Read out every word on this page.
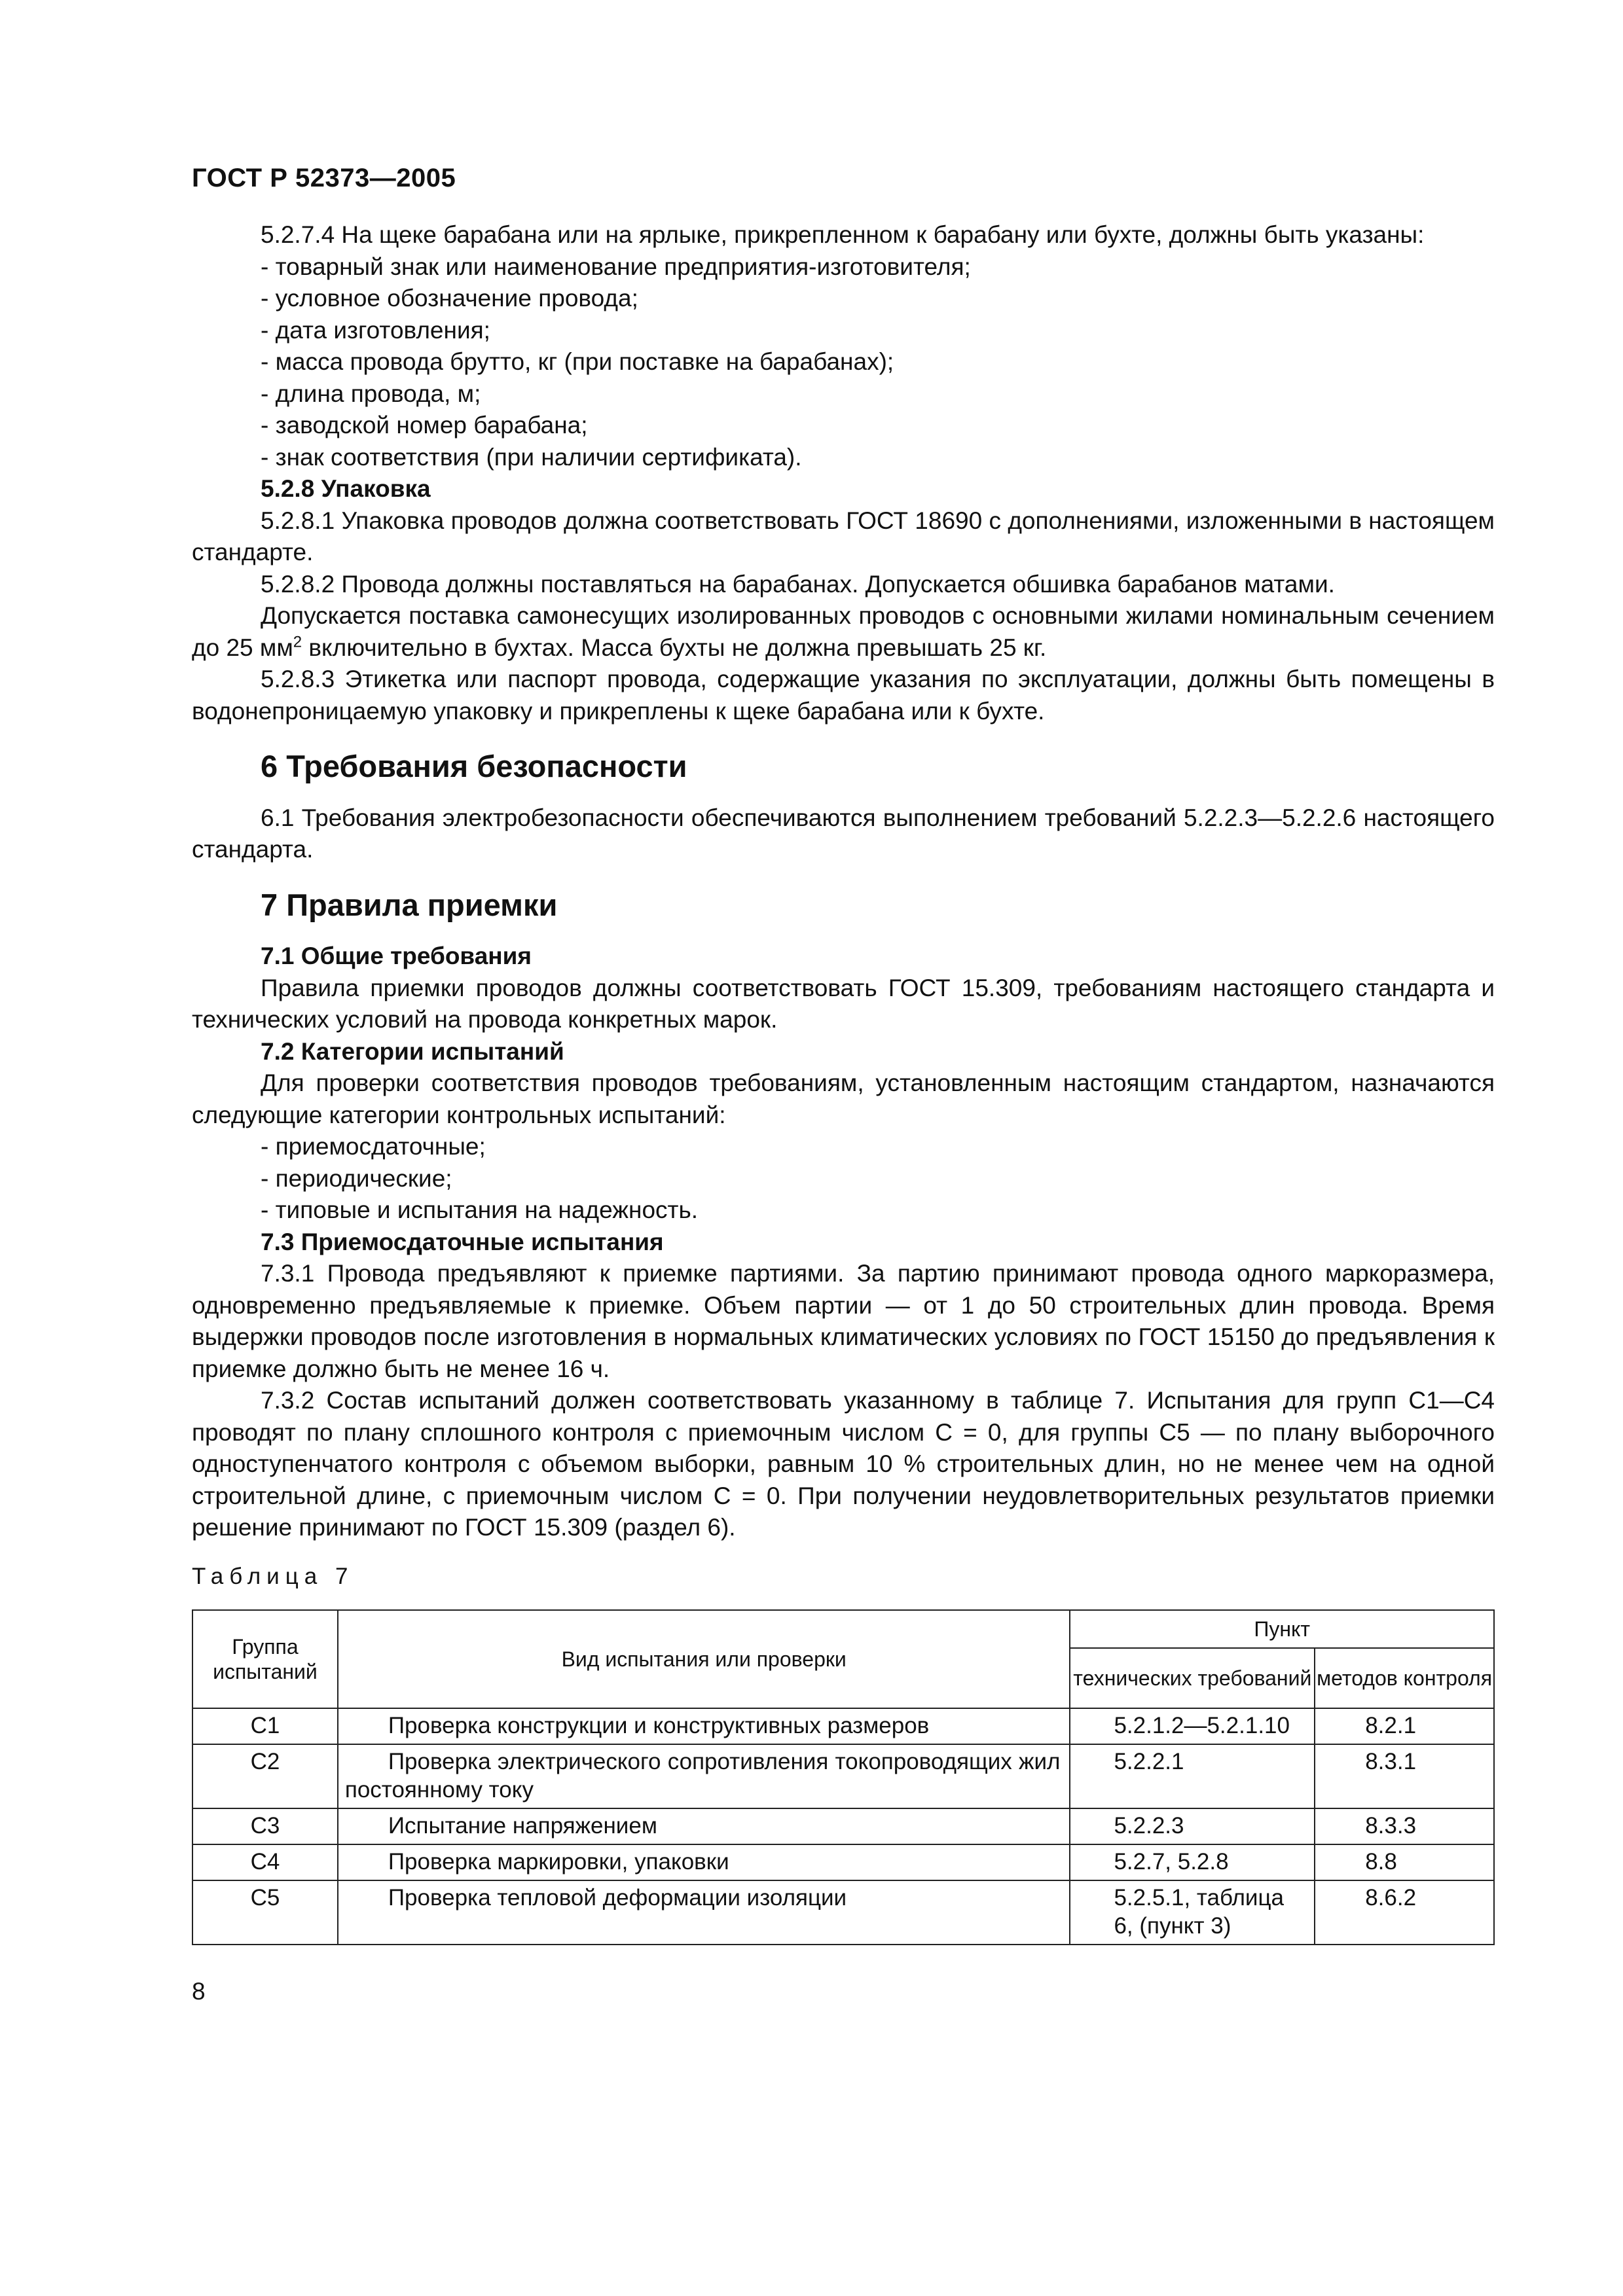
ГОСТ Р 52373—2005

5.2.7.4 На щеке барабана или на ярлыке, прикрепленном к барабану или бухте, должны быть указаны:

- товарный знак или наименование предприятия-изготовителя;

- условное обозначение провода;

- дата изготовления;

- масса провода брутто, кг (при поставке на барабанах);

- длина провода, м;

- заводской номер барабана;

- знак соответствия (при наличии сертификата).

5.2.8 Упаковка

5.2.8.1 Упаковка проводов должна соответствовать ГОСТ 18690 с дополнениями, изложенными в настоящем стандарте.

5.2.8.2 Провода должны поставляться на барабанах. Допускается обшивка барабанов матами.

Допускается поставка самонесущих изолированных проводов с основными жилами номинальным сечением до 25 $мм^2$ включительно в бухтах. Масса бухты не должна превышать 25 кг.

5.2.8.3 Этикетка или паспорт провода, содержащие указания по эксплуатации, должны быть помещены в водонепроницаемую упаковку и прикреплены к щеке барабана или к бухте.

6 Требования безопасности

6.1 Требования электробезопасности обеспечиваются выполнением требований 5.2.2.3—5.2.2.6 настоящего стандарта.

7 Правила приемки

7.1 Общие требования

Правила приемки проводов должны соответствовать ГОСТ 15.309, требованиям настоящего стандарта и технических условий на провода конкретных марок.

7.2 Категории испытаний

Для проверки соответствия проводов требованиям, установленным настоящим стандартом, назначаются следующие категории контрольных испытаний:

- приемосдаточные;

- периодические;

- типовые и испытания на надежность.

7.3 Приемосдаточные испытания

7.3.1 Провода предъявляют к приемке партиями. За партию принимают провода одного маркоразмера, одновременно предъявляемые к приемке. Объем партии — от 1 до 50 строительных длин провода. Время выдержки проводов после изготовления в нормальных климатических условиях по ГОСТ 15150 до предъявления к приемке должно быть не менее 16 ч.

7.3.2 Состав испытаний должен соответствовать указанному в таблице 7. Испытания для групп С1—С4 проводят по плану сплошного контроля с приемочным числом C = 0, для группы С5 — по плану выборочного одноступенчатого контроля с объемом выборки, равным 10 % строительных длин, но не менее чем на одной строительной длине, с приемочным числом C = 0. При получении неудовлетворительных результатов приемки решение принимают по ГОСТ 15.309 (раздел 6).

Таблица 7
Группа испытаний	Вид испытания или проверки	Пункт	
		технических требований	методов контроля
С1	Проверка конструкции и конструктивных размеров	5.2.1.2—5.2.1.10	8.2.1
С2	Проверка электрического сопротивления токопроводящих жил постоянному току	5.2.2.1	8.3.1
С3	Испытание напряжением	5.2.2.3	8.3.3
С4	Проверка маркировки, упаковки	5.2.7, 5.2.8	8.8
С5	Проверка тепловой деформации изоляции	5.2.5.1, таблица 6, (пункт 3)	8.6.2
8
